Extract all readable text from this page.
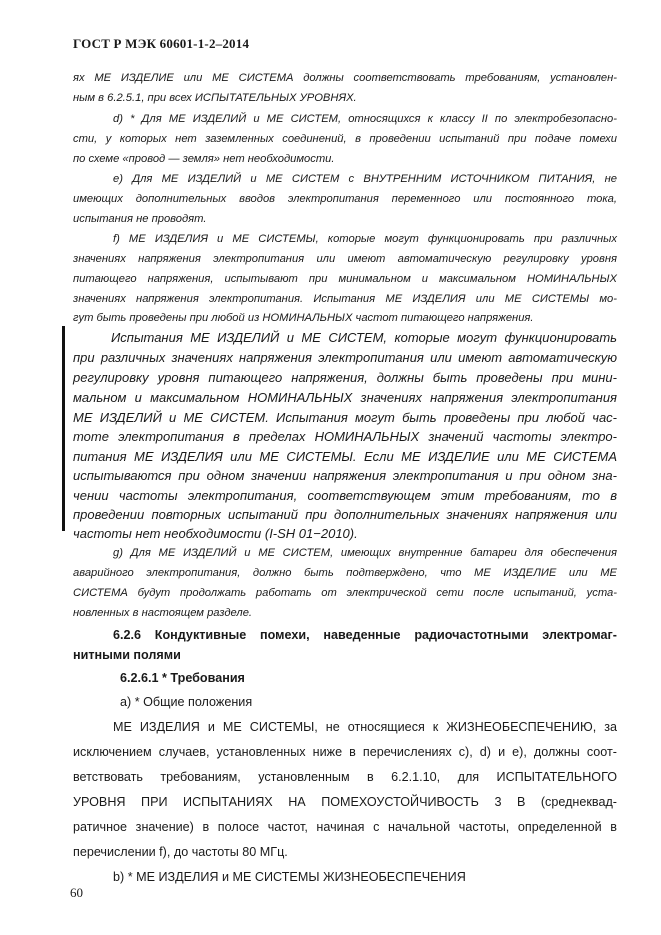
ГОСТ Р МЭК 60601-1-2–2014
ях МЕ ИЗДЕЛИЕ или МЕ СИСТЕМА должны соответствовать требованиям, установлен-
ным в 6.2.5.1, при всех ИСПЫТАТЕЛЬНЫХ УРОВНЯХ.
d) * Для МЕ ИЗДЕЛИЙ и МЕ СИСТЕМ, относящихся к классу II по электробезопасно-
сти, у которых нет заземленных соединений, в проведении испытаний при подаче помехи
по схеме «провод — земля» нет необходимости.
е) Для МЕ ИЗДЕЛИЙ и МЕ СИСТЕМ с ВНУТРЕННИМ ИСТОЧНИКОМ ПИТАНИЯ, не
имеющих дополнительных вводов электропитания переменного или постоянного тока,
испытания не проводят.
f) МЕ ИЗДЕЛИЯ и МЕ СИСТЕМЫ, которые могут функционировать при различных
значениях напряжения электропитания или имеют автоматическую регулировку уровня
питающего напряжения, испытывают при минимальном и максимальном НОМИНАЛЬНЫХ
значениях напряжения электропитания. Испытания МЕ ИЗДЕЛИЯ или МЕ СИСТЕМЫ мо-
гут быть проведены при любой из НОМИНАЛЬНЫХ частот питающего напряжения.
Испытания МЕ ИЗДЕЛИЙ и МЕ СИСТЕМ, которые могут функционировать
при различных значениях напряжения электропитания или имеют автоматическую
регулировку уровня питающего напряжения, должны быть проведены при мини-
мальном и максимальном НОМИНАЛЬНЫХ значениях напряжения электропитания
МЕ ИЗДЕЛИЙ и МЕ СИСТЕМ. Испытания могут быть проведены при любой час-
тоте электропитания в пределах НОМИНАЛЬНЫХ значений частоты электро-
питания МЕ ИЗДЕЛИЯ или МЕ СИСТЕМЫ. Если МЕ ИЗДЕЛИЕ или МЕ СИСТЕМА
испытываются при одном значении напряжения электропитания и при одном зна-
чении частоты электропитания, соответствующем этим требованиям, то в
проведении повторных испытаний при дополнительных значениях напряжения или
частоты нет необходимости (I-SH 01−2010).
g) Для МЕ ИЗДЕЛИЙ и МЕ СИСТЕМ, имеющих внутренние батареи для обеспечения
аварийного электропитания, должно быть подтверждено, что МЕ ИЗДЕЛИЕ или МЕ
СИСТЕМА будут продолжать работать от электрической сети после испытаний, уста-
новленных в настоящем разделе.
6.2.6 Кондуктивные помехи, наведенные радиочастотными электромаг-
нитными полями
6.2.6.1 * Требования
а) * Общие положения
МЕ ИЗДЕЛИЯ и МЕ СИСТЕМЫ, не относящиеся к ЖИЗНЕОБЕСПЕЧЕНИЮ, за
исключением случаев, установленных ниже в перечислениях с), d) и е), должны соот-
ветствовать требованиям, установленным в 6.2.1.10, для ИСПЫТАТЕЛЬНОГО
УРОВНЯ ПРИ ИСПЫТАНИЯХ НА ПОМЕХОУСТОЙЧИВОСТЬ 3 В (среднеквад-
ратичное значение) в полосе частот, начиная с начальной частоты, определенной в
перечислении f), до частоты 80 МГц.
b) * МЕ ИЗДЕЛИЯ и МЕ СИСТЕМЫ ЖИЗНЕОБЕСПЕЧЕНИЯ
60
